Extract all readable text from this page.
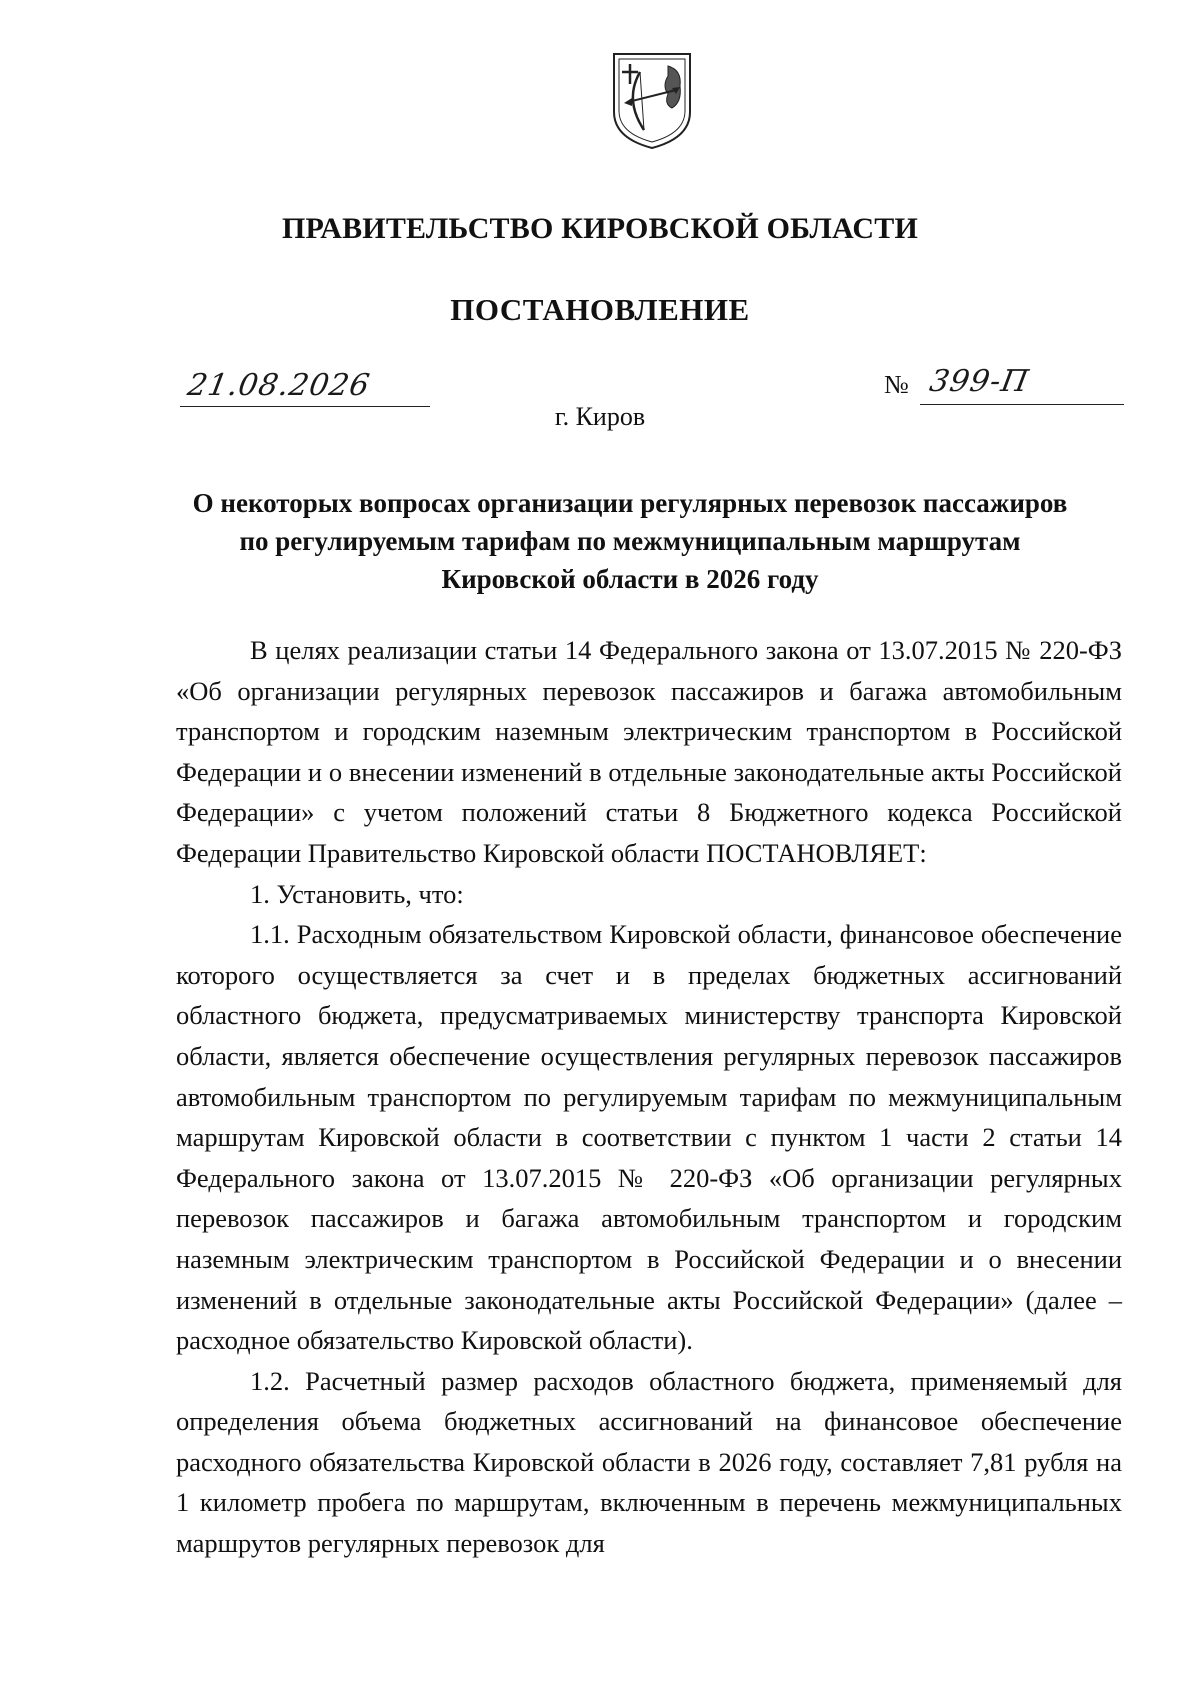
ПРАВИТЕЛЬСТВО КИРОВСКОЙ ОБЛАСТИ
ПОСТАНОВЛЕНИЕ
21.08.2026	№ 399-П
г. Киров
О некоторых вопросах организации регулярных перевозок пассажиров
по регулируемым тарифам по межмуниципальным маршрутам
Кировской области в 2026 году

В целях реализации статьи 14 Федерального закона от 13.07.2015 № 220-ФЗ «Об организации регулярных перевозок пассажиров и багажа автомобильным транспортом и городским наземным электрическим транспортом в Российской Федерации и о внесении изменений в отдельные законодательные акты Российской Федерации» с учетом положений статьи 8 Бюджетного кодекса Российской Федерации Правительство Кировской области ПОСТАНОВЛЯЕТ:

1. Установить, что:

1.1. Расходным обязательством Кировской области, финансовое обеспечение которого осуществляется за счет и в пределах бюджетных ассигнований областного бюджета, предусматриваемых министерству транспорта Кировской области, является обеспечение осуществления регулярных перевозок пассажиров автомобильным транспортом по регулируемым тарифам по межмуниципальным маршрутам Кировской области в соответствии с пунктом 1 части 2 статьи 14 Федерального закона от 13.07.2015 № 220-ФЗ «Об организации регулярных перевозок пассажиров и багажа автомобильным транспортом и городским наземным электрическим транспортом в Российской Федерации и о внесении изменений в отдельные законодательные акты Российской Федерации» (далее – расходное обязательство Кировской области).

1.2. Расчетный размер расходов областного бюджета, применяемый для определения объема бюджетных ассигнований на финансовое обеспечение расходного обязательства Кировской области в 2026 году, составляет 7,81 рубля на 1 километр пробега по маршрутам, включенным в перечень межмуниципальных маршрутов регулярных перевозок для
